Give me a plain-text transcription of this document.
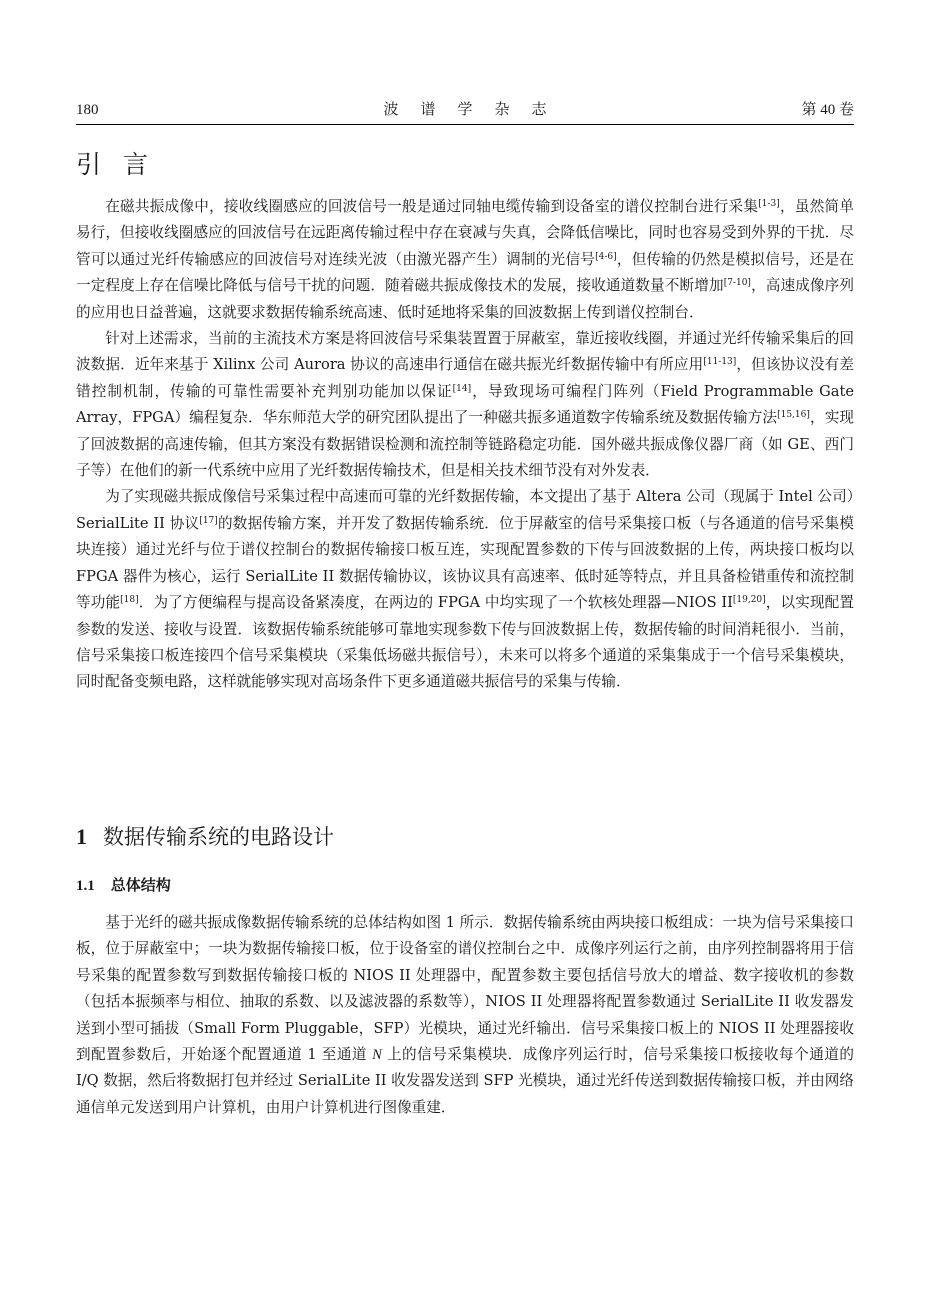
180	波谱学杂志	第 40 卷
引言

在磁共振成像中，接收线圈感应的回波信号一般是通过同轴电缆传输到设备室的谱仪控制台进行采集[1-3]，虽然简单易行，但接收线圈感应的回波信号在远距离传输过程中存在衰减与失真，会降低信噪比，同时也容易受到外界的干扰．尽管可以通过光纤传输感应的回波信号对连续光波（由激光器产生）调制的光信号[4-6]，但传输的仍然是模拟信号，还是在一定程度上存在信噪比降低与信号干扰的问题．随着磁共振成像技术的发展，接收通道数量不断增加[7-10]，高速成像序列的应用也日益普遍，这就要求数据传输系统高速、低时延地将采集的回波数据上传到谱仪控制台．

针对上述需求，当前的主流技术方案是将回波信号采集装置置于屏蔽室，靠近接收线圈，并通过光纤传输采集后的回波数据．近年来基于 Xilinx 公司 Aurora 协议的高速串行通信在磁共振光纤数据传输中有所应用[11-13]，但该协议没有差错控制机制，传输的可靠性需要补充判别功能加以保证[14]，导致现场可编程门阵列（Field Programmable Gate Array，FPGA）编程复杂．华东师范大学的研究团队提出了一种磁共振多通道数字传输系统及数据传输方法[15,16]，实现了回波数据的高速传输，但其方案没有数据错误检测和流控制等链路稳定功能．国外磁共振成像仪器厂商（如 GE、西门子等）在他们的新一代系统中应用了光纤数据传输技术，但是相关技术细节没有对外发表．

为了实现磁共振成像信号采集过程中高速而可靠的光纤数据传输，本文提出了基于 Altera 公司（现属于 Intel 公司）SerialLite II 协议[17]的数据传输方案，并开发了数据传输系统．位于屏蔽室的信号采集接口板（与各通道的信号采集模块连接）通过光纤与位于谱仪控制台的数据传输接口板互连，实现配置参数的下传与回波数据的上传，两块接口板均以 FPGA 器件为核心，运行 SerialLite II 数据传输协议，该协议具有高速率、低时延等特点，并且具备检错重传和流控制等功能[18]．为了方便编程与提高设备紧凑度，在两边的 FPGA 中均实现了一个软核处理器—NIOS II[19,20]，以实现配置参数的发送、接收与设置．该数据传输系统能够可靠地实现参数下传与回波数据上传，数据传输的时间消耗很小．当前，信号采集接口板连接四个信号采集模块（采集低场磁共振信号），未来可以将多个通道的采集集成于一个信号采集模块，同时配备变频电路，这样就能够实现对高场条件下更多通道磁共振信号的采集与传输．

1 数据传输系统的电路设计
1.1 总体结构

基于光纤的磁共振成像数据传输系统的总体结构如图 1 所示．数据传输系统由两块接口板组成：一块为信号采集接口板，位于屏蔽室中；一块为数据传输接口板，位于设备室的谱仪控制台之中．成像序列运行之前，由序列控制器将用于信号采集的配置参数写到数据传输接口板的 NIOS II 处理器中，配置参数主要包括信号放大的增益、数字接收机的参数（包括本振频率与相位、抽取的系数、以及滤波器的系数等），NIOS II 处理器将配置参数通过 SerialLite II 收发器发送到小型可插拔（Small Form Pluggable，SFP）光模块，通过光纤输出．信号采集接口板上的 NIOS II 处理器接收到配置参数后，开始逐个配置通道 1 至通道 N 上的信号采集模块．成像序列运行时，信号采集接口板接收每个通道的 I/Q 数据，然后将数据打包并经过 SerialLite II 收发器发送到 SFP 光模块，通过光纤传送到数据传输接口板，并由网络通信单元发送到用户计算机，由用户计算机进行图像重建．
